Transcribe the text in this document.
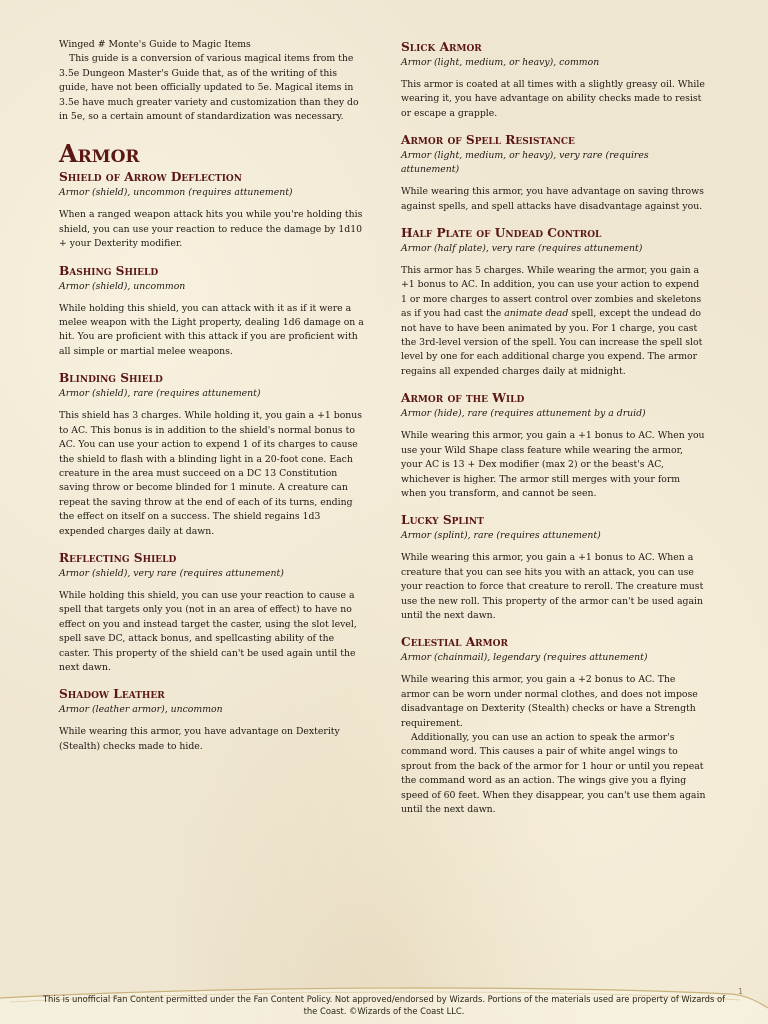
Winged # Monte's Guide to Magic Items

This guide is a conversion of various magical items from the 3.5e Dungeon Master's Guide that, as of the writing of this guide, have not been officially updated to 5e. Magical items in 3.5e have much greater variety and customization than they do in 5e, so a certain amount of standardization was necessary.

Armor
Shield of Arrow Deflection
Armor (shield), uncommon (requires attunement)

When a ranged weapon attack hits you while you're holding this shield, you can use your reaction to reduce the damage by 1d10 + your Dexterity modifier.

Bashing Shield
Armor (shield), uncommon

While holding this shield, you can attack with it as if it were a melee weapon with the Light property, dealing 1d6 damage on a hit. You are proficient with this attack if you are proficient with all simple or martial melee weapons.

Blinding Shield
Armor (shield), rare (requires attunement)

This shield has 3 charges. While holding it, you gain a +1 bonus to AC. This bonus is in addition to the shield's normal bonus to AC. You can use your action to expend 1 of its charges to cause the shield to flash with a blinding light in a 20-foot cone. Each creature in the area must succeed on a DC 13 Constitution saving throw or become blinded for 1 minute. A creature can repeat the saving throw at the end of each of its turns, ending the effect on itself on a success. The shield regains 1d3 expended charges daily at dawn.

Reflecting Shield
Armor (shield), very rare (requires attunement)

While holding this shield, you can use your reaction to cause a spell that targets only you (not in an area of effect) to have no effect on you and instead target the caster, using the slot level, spell save DC, attack bonus, and spellcasting ability of the caster. This property of the shield can't be used again until the next dawn.

Shadow Leather
Armor (leather armor), uncommon

While wearing this armor, you have advantage on Dexterity (Stealth) checks made to hide.

Slick Armor
Armor (light, medium, or heavy), common

This armor is coated at all times with a slightly greasy oil. While wearing it, you have advantage on ability checks made to resist or escape a grapple.

Armor of Spell Resistance
Armor (light, medium, or heavy), very rare (requires attunement)

While wearing this armor, you have advantage on saving throws against spells, and spell attacks have disadvantage against you.

Half Plate of Undead Control
Armor (half plate), very rare (requires attunement)

This armor has 5 charges. While wearing the armor, you gain a +1 bonus to AC. In addition, you can use your action to expend 1 or more charges to assert control over zombies and skeletons as if you had cast the animate dead spell, except the undead do not have to have been animated by you. For 1 charge, you cast the 3rd-level version of the spell. You can increase the spell slot level by one for each additional charge you expend. The armor regains all expended charges daily at midnight.

Armor of the Wild
Armor (hide), rare (requires attunement by a druid)

While wearing this armor, you gain a +1 bonus to AC. When you use your Wild Shape class feature while wearing the armor, your AC is 13 + Dex modifier (max 2) or the beast's AC, whichever is higher. The armor still merges with your form when you transform, and cannot be seen.

Lucky Splint
Armor (splint), rare (requires attunement)

While wearing this armor, you gain a +1 bonus to AC. When a creature that you can see hits you with an attack, you can use your reaction to force that creature to reroll. The creature must use the new roll. This property of the armor can't be used again until the next dawn.

Celestial Armor
Armor (chainmail), legendary (requires attunement)

While wearing this armor, you gain a +2 bonus to AC. The armor can be worn under normal clothes, and does not impose disadvantage on Dexterity (Stealth) checks or have a Strength requirement.

Additionally, you can use an action to speak the armor's command word. This causes a pair of white angel wings to sprout from the back of the armor for 1 hour or until you repeat the command word as an action. The wings give you a flying speed of 60 feet. When they disappear, you can't use them again until the next dawn.

1
This is unofficial Fan Content permitted under the Fan Content Policy. Not approved/endorsed by Wizards. Portions of the materials used are property of Wizards of the Coast. ©Wizards of the Coast LLC.
